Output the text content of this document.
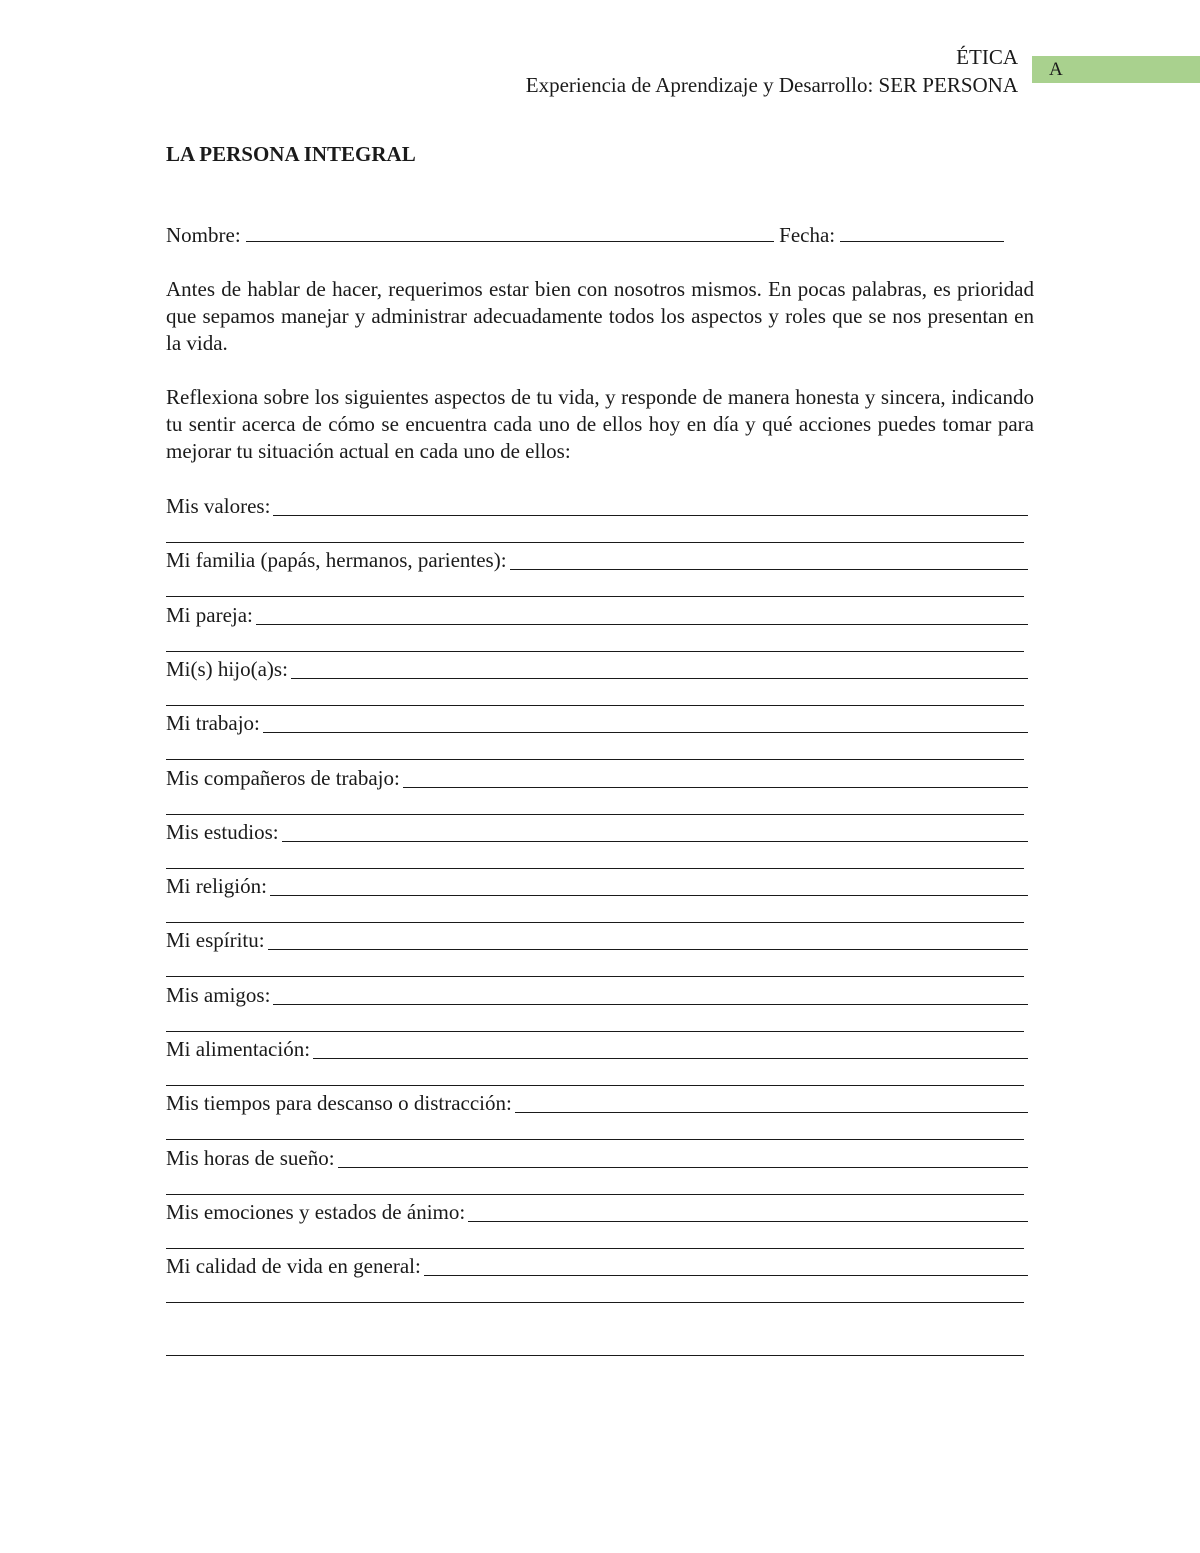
ÉTICA
Experiencia de Aprendizaje y Desarrollo: SER PERSONA
A
LA PERSONA INTEGRAL
Nombre:	Fecha:

Antes de hablar de hacer, requerimos estar bien con nosotros mismos. En pocas palabras, es prioridad que sepamos manejar y administrar adecuadamente todos los aspectos y roles que se nos presentan en la vida.

Reflexiona sobre los siguientes aspectos de tu vida, y responde de manera honesta y sincera, indicando tu sentir acerca de cómo se encuentra cada uno de ellos hoy en día y qué acciones puedes tomar para mejorar tu situación actual en cada uno de ellos:

Mis valores:
Mi familia (papás, hermanos, parientes):
Mi pareja:
Mi(s) hijo(a)s:
Mi trabajo:
Mis compañeros de trabajo:
Mis estudios:
Mi religión:
Mi espíritu:
Mis amigos:
Mi alimentación:
Mis tiempos para descanso o distracción:
Mis horas de sueño:
Mis emociones y estados de ánimo:
Mi calidad de vida en general:
